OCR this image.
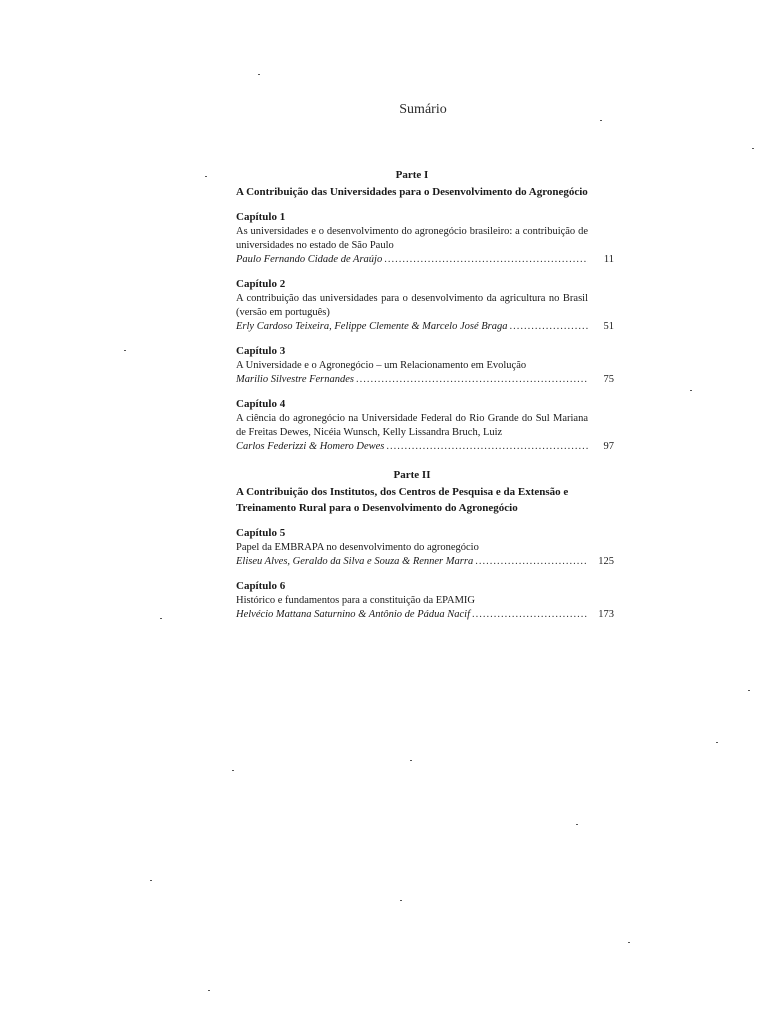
Sumário
Parte I
A Contribuição das Universidades para o Desenvolvimento do Agronegócio
Capítulo 1
As universidades e o desenvolvimento do agronegócio brasileiro: a contribuição de universidades no estado de São Paulo
Paulo Fernando Cidade de Araújo .....	11
Capítulo 2
A contribuição das universidades para o desenvolvimento da agricultura no Brasil (versão em português)
Erly Cardoso Teixeira, Felippe Clemente & Marcelo José Braga .....	51
Capítulo 3
A Universidade e o Agronegócio – um Relacionamento em Evolução
Marilio Silvestre Fernandes .....	75
Capítulo 4
A ciência do agronegócio na Universidade Federal do Rio Grande do Sul Mariana de Freitas Dewes, Nicéia Wunsch, Kelly Lissandra Bruch, Luiz
Carlos Federizzi & Homero Dewes .....	97
Parte II
A Contribuição dos Institutos, dos Centros de Pesquisa e da Extensão e Treinamento Rural para o Desenvolvimento do Agronegócio
Capítulo 5
Papel da EMBRAPA no desenvolvimento do agronegócio
Eliseu Alves, Geraldo da Silva e Souza & Renner Marra .....	125
Capítulo 6
Histórico e fundamentos para a constituição da EPAMIG
Helvécio Mattana Saturnino & Antônio de Pádua Nacif .....	173
